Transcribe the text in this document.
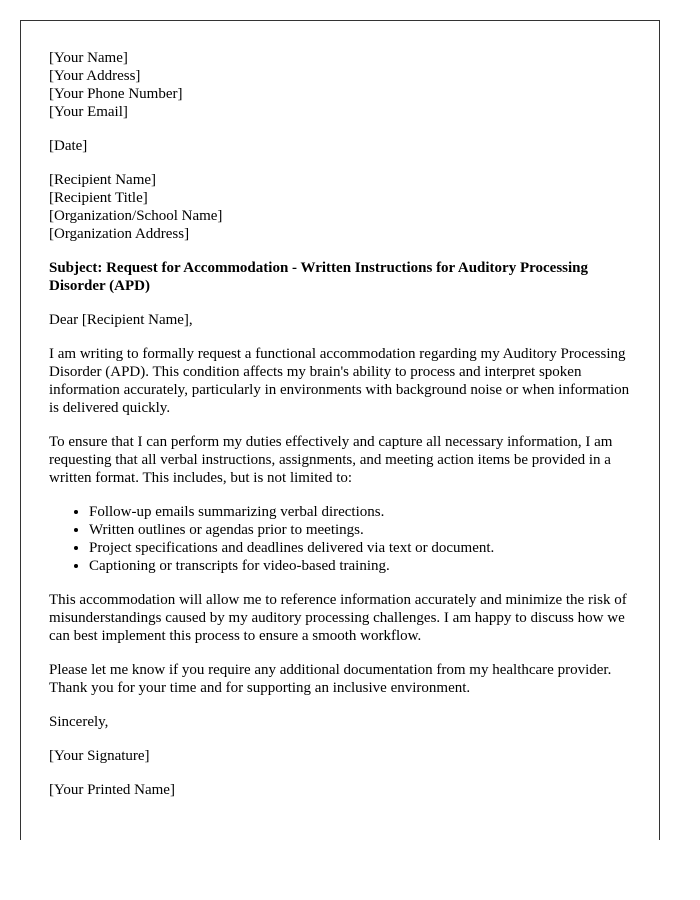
[Your Name]
[Your Address]
[Your Phone Number]
[Your Email]

[Date]

[Recipient Name]
[Recipient Title]
[Organization/School Name]
[Organization Address]

Subject: Request for Accommodation - Written Instructions for Auditory Processing Disorder (APD)

Dear [Recipient Name],

I am writing to formally request a functional accommodation regarding my Auditory Processing Disorder (APD). This condition affects my brain's ability to process and interpret spoken information accurately, particularly in environments with background noise or when information is delivered quickly.

To ensure that I can perform my duties effectively and capture all necessary information, I am requesting that all verbal instructions, assignments, and meeting action items be provided in a written format. This includes, but is not limited to:

• Follow-up emails summarizing verbal directions.
• Written outlines or agendas prior to meetings.
• Project specifications and deadlines delivered via text or document.
• Captioning or transcripts for video-based training.

This accommodation will allow me to reference information accurately and minimize the risk of misunderstandings caused by my auditory processing challenges. I am happy to discuss how we can best implement this process to ensure a smooth workflow.

Please let me know if you require any additional documentation from my healthcare provider. Thank you for your time and for supporting an inclusive environment.

Sincerely,

[Your Signature]

[Your Printed Name]
